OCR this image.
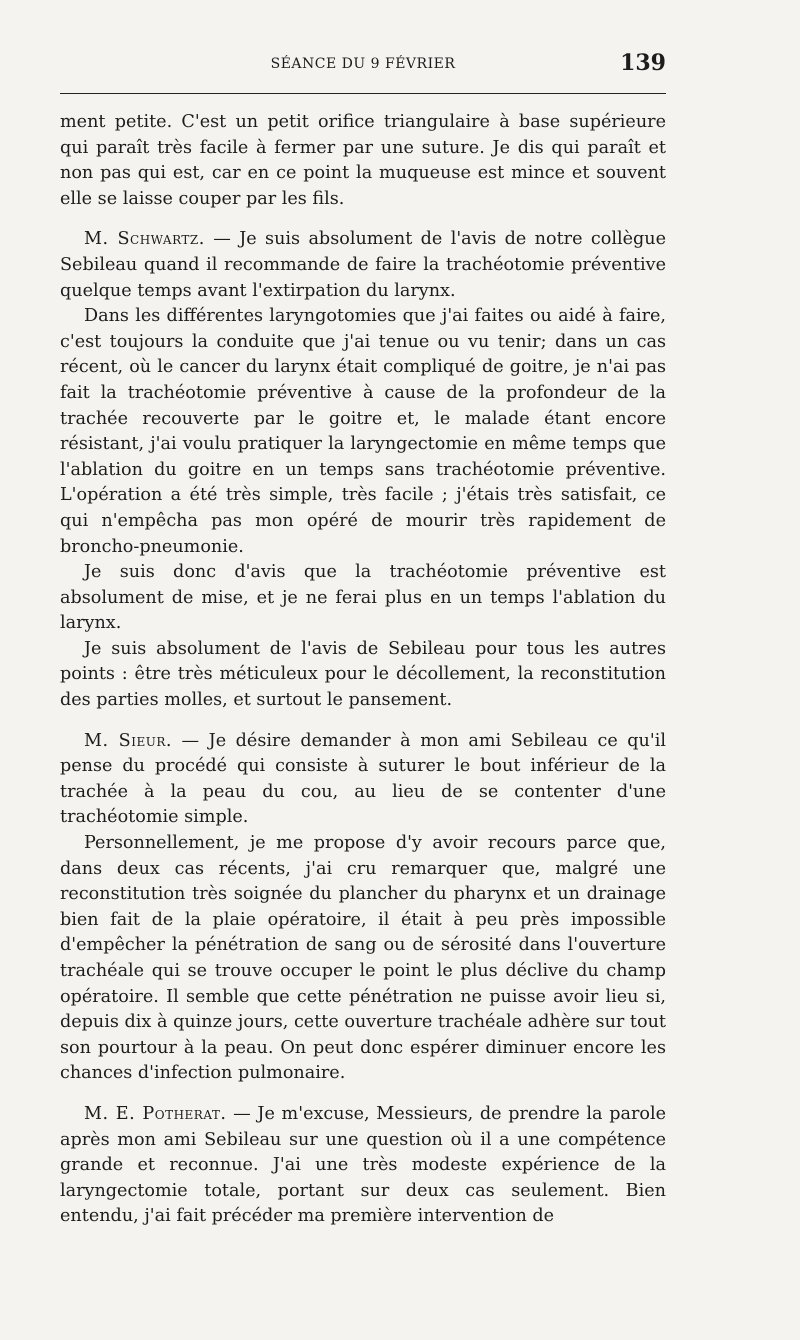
SÉANCE DU 9 FÉVRIER	139

ment petite. C'est un petit orifice triangulaire à base supérieure qui paraît très facile à fermer par une suture. Je dis qui paraît et non pas qui est, car en ce point la muqueuse est mince et souvent elle se laisse couper par les fils.

M. Schwartz. — Je suis absolument de l'avis de notre collègue Sebileau quand il recommande de faire la trachéotomie préventive quelque temps avant l'extirpation du larynx.

Dans les différentes laryngotomies que j'ai faites ou aidé à faire, c'est toujours la conduite que j'ai tenue ou vu tenir; dans un cas récent, où le cancer du larynx était compliqué de goitre, je n'ai pas fait la trachéotomie préventive à cause de la profondeur de la trachée recouverte par le goitre et, le malade étant encore résistant, j'ai voulu pratiquer la laryngectomie en même temps que l'ablation du goitre en un temps sans trachéotomie préventive. L'opération a été très simple, très facile ; j'étais très satisfait, ce qui n'empêcha pas mon opéré de mourir très rapidement de broncho-pneumonie.

Je suis donc d'avis que la trachéotomie préventive est absolument de mise, et je ne ferai plus en un temps l'ablation du larynx.

Je suis absolument de l'avis de Sebileau pour tous les autres points : être très méticuleux pour le décollement, la reconstitution des parties molles, et surtout le pansement.

M. Sieur. — Je désire demander à mon ami Sebileau ce qu'il pense du procédé qui consiste à suturer le bout inférieur de la trachée à la peau du cou, au lieu de se contenter d'une trachéotomie simple.

Personnellement, je me propose d'y avoir recours parce que, dans deux cas récents, j'ai cru remarquer que, malgré une reconstitution très soignée du plancher du pharynx et un drainage bien fait de la plaie opératoire, il était à peu près impossible d'empêcher la pénétration de sang ou de sérosité dans l'ouverture trachéale qui se trouve occuper le point le plus déclive du champ opératoire. Il semble que cette pénétration ne puisse avoir lieu si, depuis dix à quinze jours, cette ouverture trachéale adhère sur tout son pourtour à la peau. On peut donc espérer diminuer encore les chances d'infection pulmonaire.

M. E. Potherat. — Je m'excuse, Messieurs, de prendre la parole après mon ami Sebileau sur une question où il a une compétence grande et reconnue. J'ai une très modeste expérience de la laryngectomie totale, portant sur deux cas seulement. Bien entendu, j'ai fait précéder ma première intervention de
